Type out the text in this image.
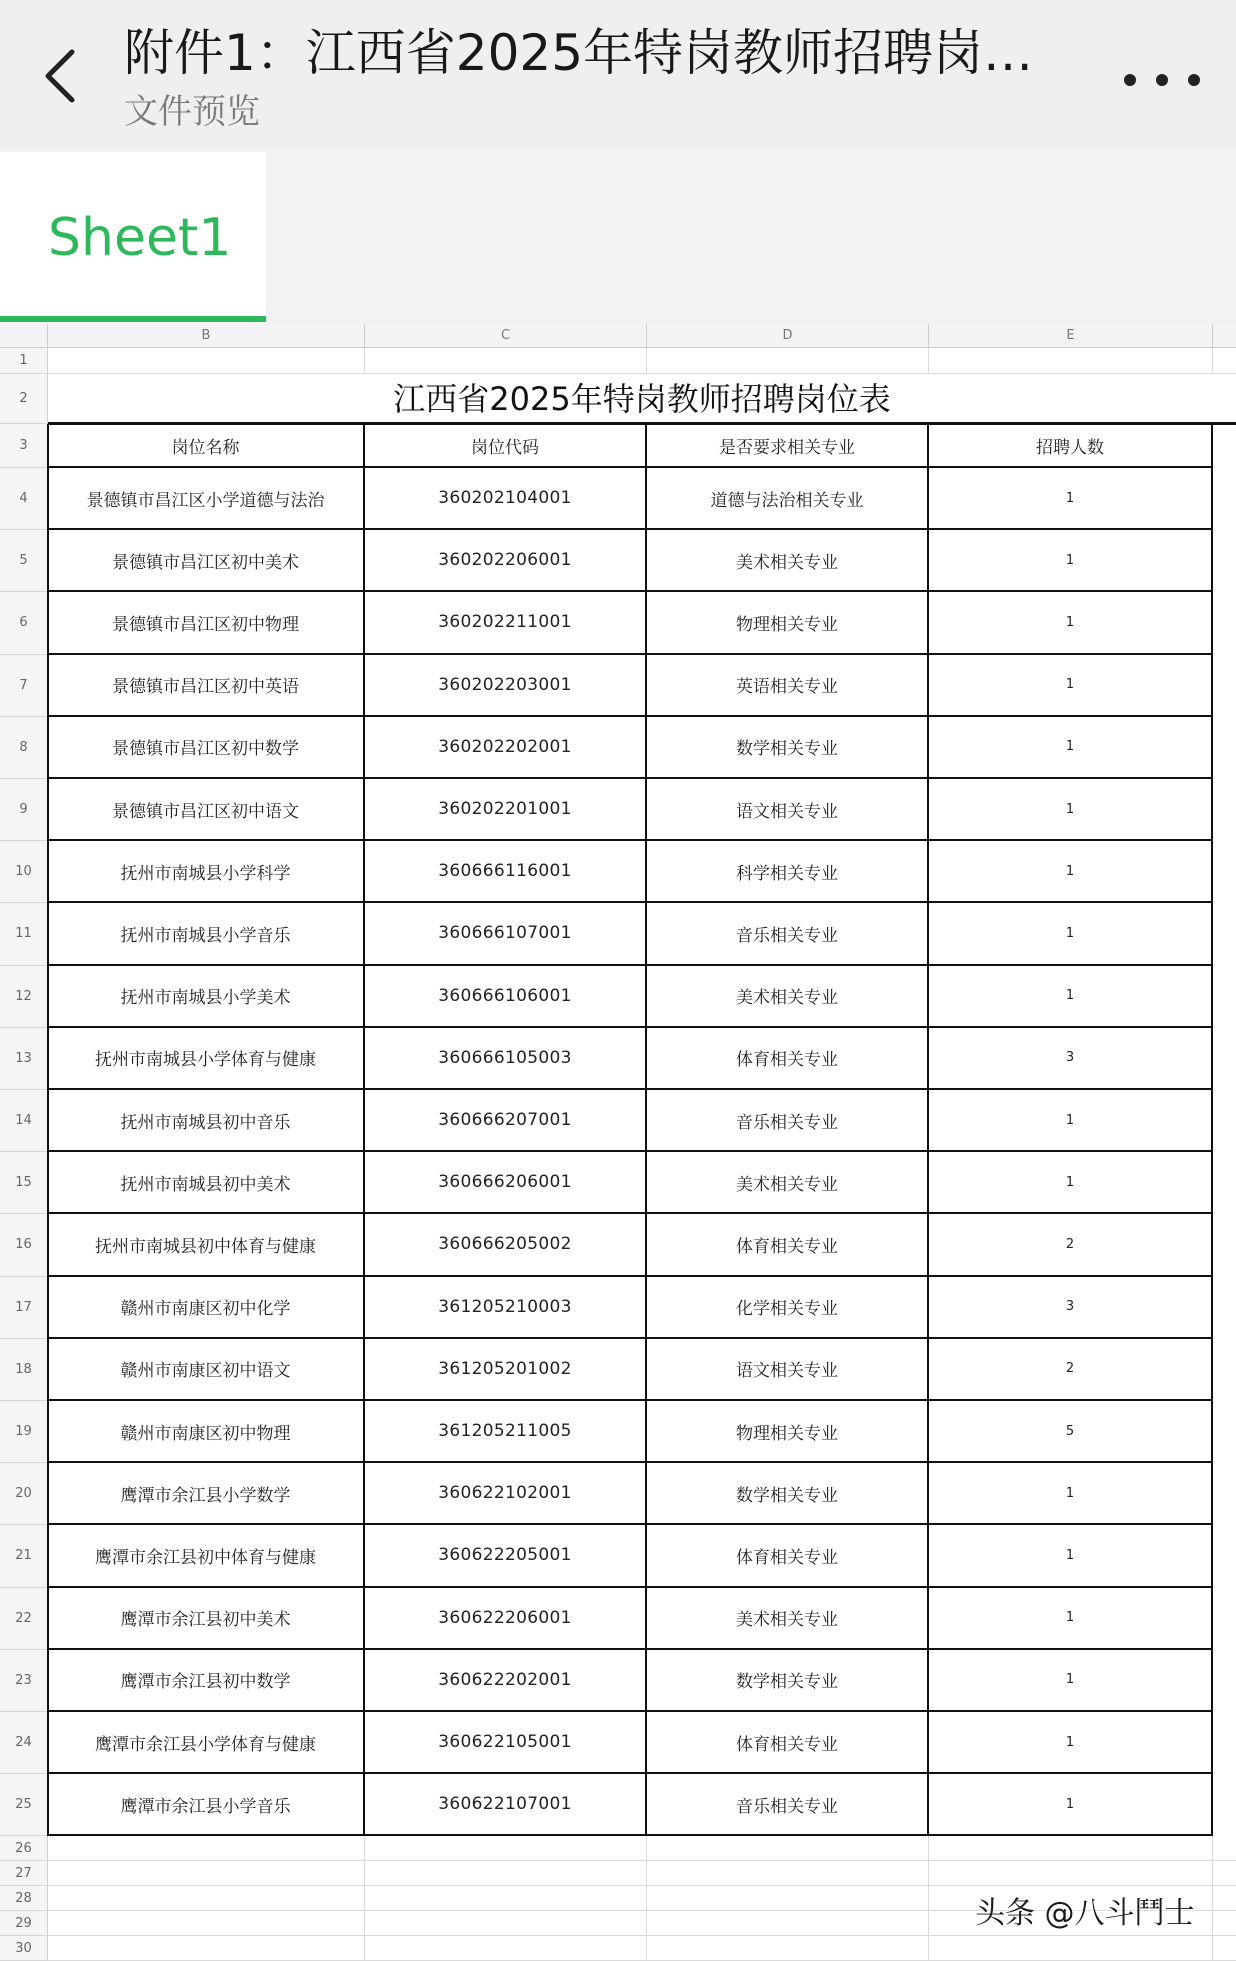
附件1：江西省2025年特岗教师招聘岗…
文件预览
Sheet1
江西省2025年特岗教师招聘岗位表
B	C	D	E
1
2
3
4
5
6
7
8
9
10
11
12
13
14
15
16
17
18
19
20
21
22
23
24
25
26
27
28
29
30
岗位名称	岗位代码	是否要求相关专业	招聘人数
景德镇市昌江区小学道德与法治	360202104001	道德与法治相关专业	1
景德镇市昌江区初中美术	360202206001	美术相关专业	1
景德镇市昌江区初中物理	360202211001	物理相关专业	1
景德镇市昌江区初中英语	360202203001	英语相关专业	1
景德镇市昌江区初中数学	360202202001	数学相关专业	1
景德镇市昌江区初中语文	360202201001	语文相关专业	1
抚州市南城县小学科学	360666116001	科学相关专业	1
抚州市南城县小学音乐	360666107001	音乐相关专业	1
抚州市南城县小学美术	360666106001	美术相关专业	1
抚州市南城县小学体育与健康	360666105003	体育相关专业	3
抚州市南城县初中音乐	360666207001	音乐相关专业	1
抚州市南城县初中美术	360666206001	美术相关专业	1
抚州市南城县初中体育与健康	360666205002	体育相关专业	2
赣州市南康区初中化学	361205210003	化学相关专业	3
赣州市南康区初中语文	361205201002	语文相关专业	2
赣州市南康区初中物理	361205211005	物理相关专业	5
鹰潭市余江县小学数学	360622102001	数学相关专业	1
鹰潭市余江县初中体育与健康	360622205001	体育相关专业	1
鹰潭市余江县初中美术	360622206001	美术相关专业	1
鹰潭市余江县初中数学	360622202001	数学相关专业	1
鹰潭市余江县小学体育与健康	360622105001	体育相关专业	1
鹰潭市余江县小学音乐	360622107001	音乐相关专业	1
头条 @八斗鬥士
